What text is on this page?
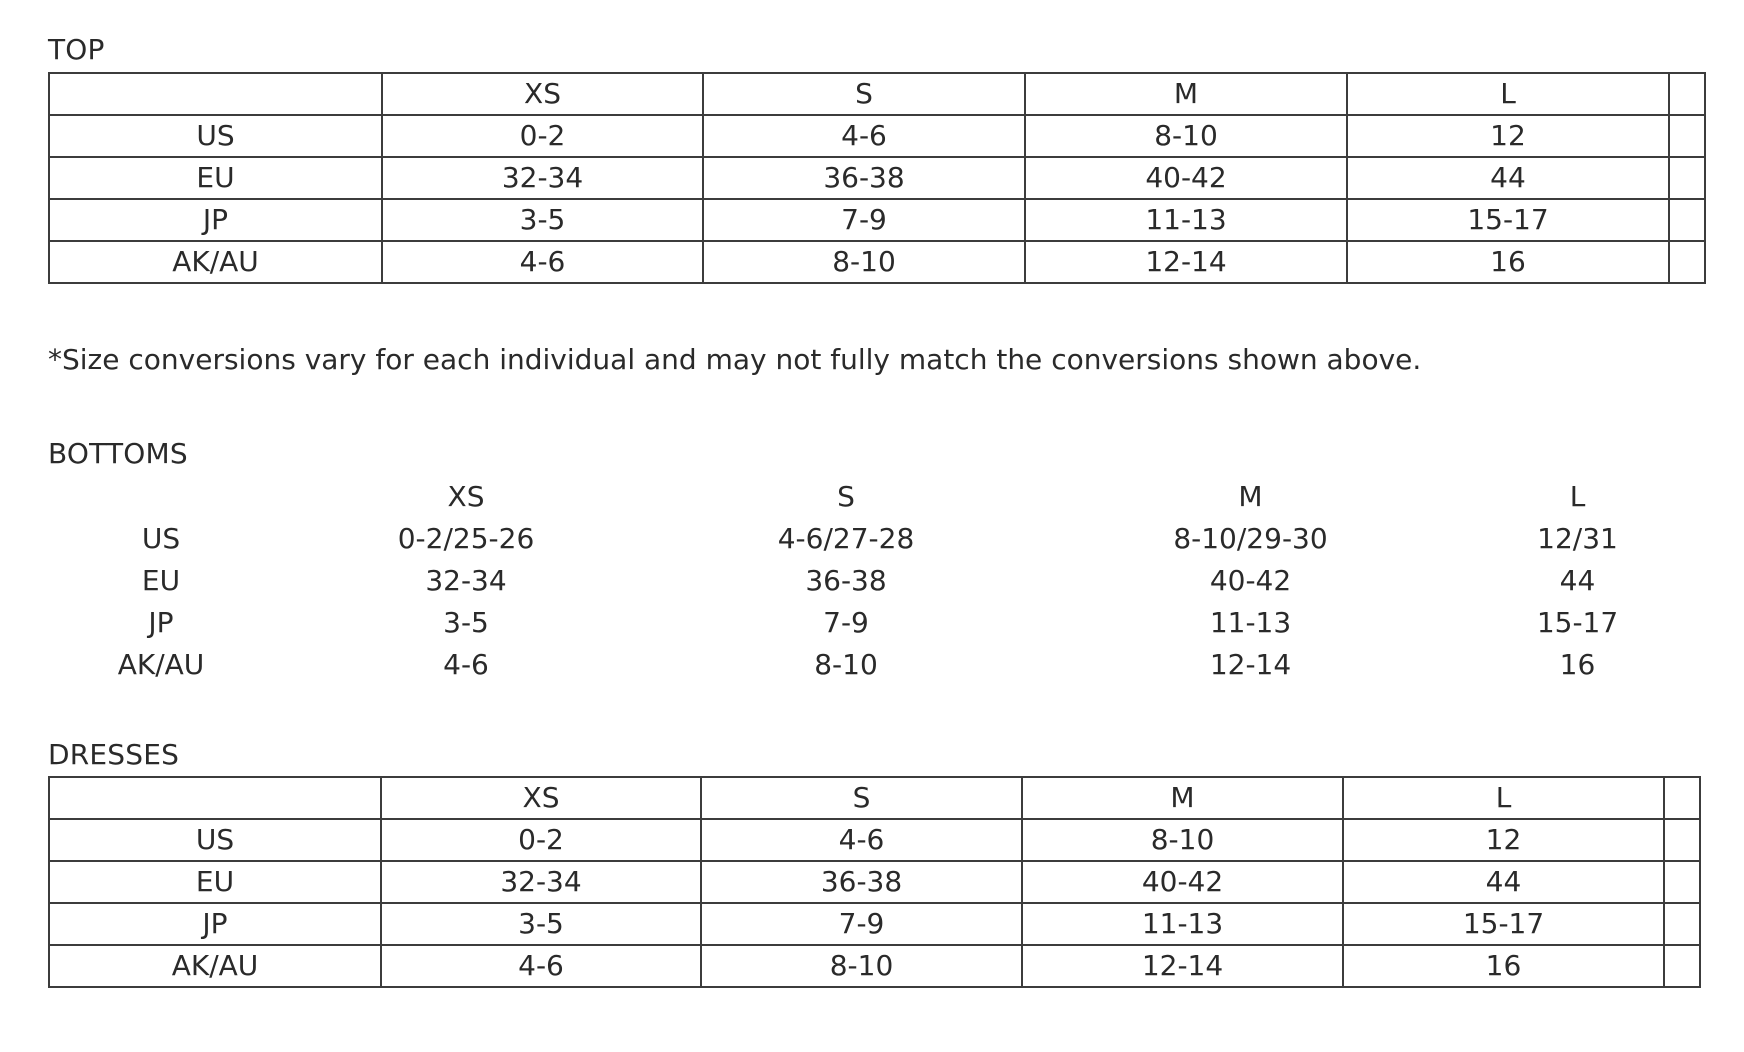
TOP
	XS	S	M	L	
US	0-2	4-6	8-10	12	
EU	32-34	36-38	40-42	44	
JP	3-5	7-9	11-13	15-17	
AK/AU	4-6	8-10	12-14	16	

*Size conversions vary for each individual and may not fully match the conversions shown above.

BOTTOMS
	XS	S	M	L
US	0-2/25-26	4-6/27-28	8-10/29-30	12/31
EU	32-34	36-38	40-42	44
JP	3-5	7-9	11-13	15-17
AK/AU	4-6	8-10	12-14	16
DRESSES
	XS	S	M	L	
US	0-2	4-6	8-10	12	
EU	32-34	36-38	40-42	44	
JP	3-5	7-9	11-13	15-17	
AK/AU	4-6	8-10	12-14	16	
